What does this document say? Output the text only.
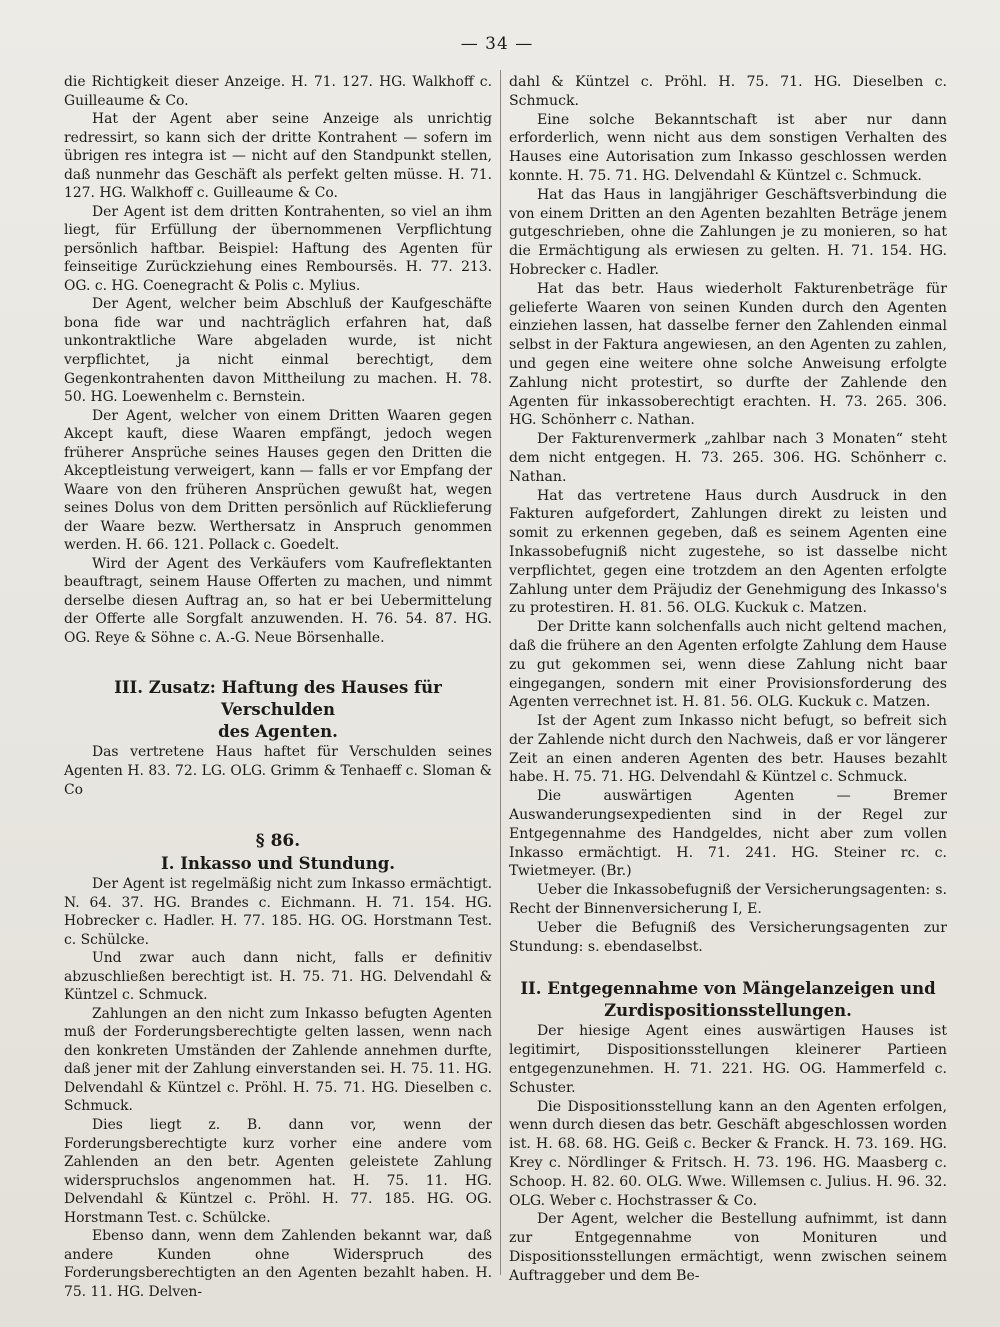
— 34 —

die Richtigkeit dieser Anzeige. H. 71. 127. HG. Walkhoff c. Guilleaume & Co.

Hat der Agent aber seine Anzeige als unrichtig redressirt, so kann sich der dritte Kontrahent — sofern im übrigen res integra ist — nicht auf den Standpunkt stellen, daß nunmehr das Geschäft als perfekt gelten müsse. H. 71. 127. HG. Walkhoff c. Guilleaume & Co.

Der Agent ist dem dritten Kontrahenten, so viel an ihm liegt, für Erfüllung der übernommenen Verpflichtung persönlich haftbar. Beispiel: Haftung des Agenten für feinseitige Zurückziehung eines Remboursës. H. 77. 213. OG. c. HG. Coenegracht & Polis c. Mylius.

Der Agent, welcher beim Abschluß der Kaufgeschäfte bona fide war und nachträglich erfahren hat, daß unkontraktliche Ware abgeladen wurde, ist nicht verpflichtet, ja nicht einmal berechtigt, dem Gegenkontrahenten davon Mittheilung zu machen. H. 78. 50. HG. Loewenhelm c. Bernstein.

Der Agent, welcher von einem Dritten Waaren gegen Akcept kauft, diese Waaren empfängt, jedoch wegen früherer Ansprüche seines Hauses gegen den Dritten die Akceptleistung verweigert, kann — falls er vor Empfang der Waare von den früheren Ansprüchen gewußt hat, wegen seines Dolus von dem Dritten persönlich auf Rücklieferung der Waare bezw. Werthersatz in Anspruch genommen werden. H. 66. 121. Pollack c. Goedelt.

Wird der Agent des Verkäufers vom Kaufreflektanten beauftragt, seinem Hause Offerten zu machen, und nimmt derselbe diesen Auftrag an, so hat er bei Uebermittelung der Offerte alle Sorgfalt anzuwenden. H. 76. 54. 87. HG. OG. Reye & Söhne c. A.-G. Neue Börsenhalle.

III. Zusatz: Haftung des Hauses für Verschulden

des Agenten.

Das vertretene Haus haftet für Verschulden seines Agenten H. 83. 72. LG. OLG. Grimm & Tenhaeff c. Sloman & Co

§ 86.

I. Inkasso und Stundung.

Der Agent ist regelmäßig nicht zum Inkasso ermächtigt. N. 64. 37. HG. Brandes c. Eichmann. H. 71. 154. HG. Hobrecker c. Hadler. H. 77. 185. HG. OG. Horstmann Test. c. Schülcke.

Und zwar auch dann nicht, falls er definitiv abzuschließen berechtigt ist. H. 75. 71. HG. Delvendahl & Küntzel c. Schmuck.

Zahlungen an den nicht zum Inkasso befugten Agenten muß der Forderungsberechtigte gelten lassen, wenn nach den konkreten Umständen der Zahlende annehmen durfte, daß jener mit der Zahlung einverstanden sei. H. 75. 11. HG. Delvendahl & Küntzel c. Pröhl. H. 75. 71. HG. Dieselben c. Schmuck.

Dies liegt z. B. dann vor, wenn der Forderungsberechtigte kurz vorher eine andere vom Zahlenden an den betr. Agenten geleistete Zahlung widerspruchslos angenommen hat. H. 75. 11. HG. Delvendahl & Küntzel c. Pröhl. H. 77. 185. HG. OG. Horstmann Test. c. Schülcke.

Ebenso dann, wenn dem Zahlenden bekannt war, daß andere Kunden ohne Widerspruch des Forderungsberechtigten an den Agenten bezahlt haben. H. 75. 11. HG. Delven-

dahl & Küntzel c. Pröhl. H. 75. 71. HG. Dieselben c. Schmuck.

Eine solche Bekanntschaft ist aber nur dann erforderlich, wenn nicht aus dem sonstigen Verhalten des Hauses eine Autorisation zum Inkasso geschlossen werden konnte. H. 75. 71. HG. Delvendahl & Küntzel c. Schmuck.

Hat das Haus in langjähriger Geschäftsverbindung die von einem Dritten an den Agenten bezahlten Beträge jenem gutgeschrieben, ohne die Zahlungen je zu monieren, so hat die Ermächtigung als erwiesen zu gelten. H. 71. 154. HG. Hobrecker c. Hadler.

Hat das betr. Haus wiederholt Fakturenbeträge für gelieferte Waaren von seinen Kunden durch den Agenten einziehen lassen, hat dasselbe ferner den Zahlenden einmal selbst in der Faktura angewiesen, an den Agenten zu zahlen, und gegen eine weitere ohne solche Anweisung erfolgte Zahlung nicht protestirt, so durfte der Zahlende den Agenten für inkassoberechtigt erachten. H. 73. 265. 306. HG. Schönherr c. Nathan.

Der Fakturenvermerk „zahlbar nach 3 Monaten“ steht dem nicht entgegen. H. 73. 265. 306. HG. Schönherr c. Nathan.

Hat das vertretene Haus durch Ausdruck in den Fakturen aufgefordert, Zahlungen direkt zu leisten und somit zu erkennen gegeben, daß es seinem Agenten eine Inkassobefugniß nicht zugestehe, so ist dasselbe nicht verpflichtet, gegen eine trotzdem an den Agenten erfolgte Zahlung unter dem Präjudiz der Genehmigung des Inkasso's zu protestiren. H. 81. 56. OLG. Kuckuk c. Matzen.

Der Dritte kann solchenfalls auch nicht geltend machen, daß die frühere an den Agenten erfolgte Zahlung dem Hause zu gut gekommen sei, wenn diese Zahlung nicht baar eingegangen, sondern mit einer Provisionsforderung des Agenten verrechnet ist. H. 81. 56. OLG. Kuckuk c. Matzen.

Ist der Agent zum Inkasso nicht befugt, so befreit sich der Zahlende nicht durch den Nachweis, daß er vor längerer Zeit an einen anderen Agenten des betr. Hauses bezahlt habe. H. 75. 71. HG. Delvendahl & Küntzel c. Schmuck.

Die auswärtigen Agenten — Bremer Auswanderungsexpedienten sind in der Regel zur Entgegennahme des Handgeldes, nicht aber zum vollen Inkasso ermächtigt. H. 71. 241. HG. Steiner rc. c. Twietmeyer. (Br.)

Ueber die Inkassobefugniß der Versicherungsagenten: s. Recht der Binnenversicherung I, E.

Ueber die Befugniß des Versicherungsagenten zur Stundung: s. ebendaselbst.

II. Entgegennahme von Mängelanzeigen und

Zurdispositionsstellungen.

Der hiesige Agent eines auswärtigen Hauses ist legitimirt, Dispositionsstellungen kleinerer Partieen entgegenzunehmen. H. 71. 221. HG. OG. Hammerfeld c. Schuster.

Die Dispositionsstellung kann an den Agenten erfolgen, wenn durch diesen das betr. Geschäft abgeschlossen worden ist. H. 68. 68. HG. Geiß c. Becker & Franck. H. 73. 169. HG. Krey c. Nördlinger & Fritsch. H. 73. 196. HG. Maasberg c. Schoop. H. 82. 60. OLG. Wwe. Willemsen c. Julius. H. 96. 32. OLG. Weber c. Hochstrasser & Co.

Der Agent, welcher die Bestellung aufnimmt, ist dann zur Entgegennahme von Monituren und Dispositionsstellungen ermächtigt, wenn zwischen seinem Auftraggeber und dem Be-
